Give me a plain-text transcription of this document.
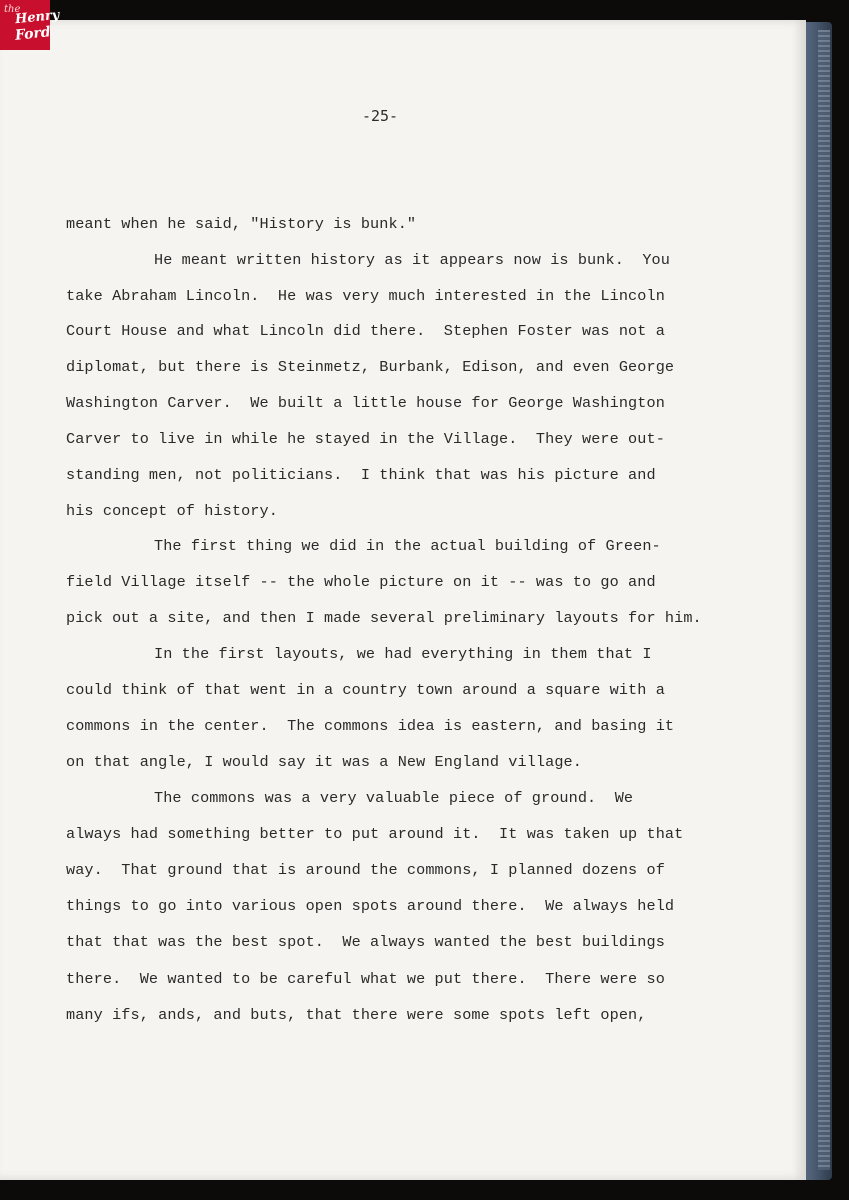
-25-
meant when he said, "History is bunk."
He meant written history as it appears now is bunk.  You
take Abraham Lincoln.  He was very much interested in the Lincoln
Court House and what Lincoln did there.  Stephen Foster was not a
diplomat, but there is Steinmetz, Burbank, Edison, and even George
Washington Carver.  We built a little house for George Washington
Carver to live in while he stayed in the Village.  They were out-
standing men, not politicians.  I think that was his picture and
his concept of history.
The first thing we did in the actual building of Green-
field Village itself -- the whole picture on it -- was to go and
pick out a site, and then I made several preliminary layouts for him.
In the first layouts, we had everything in them that I
could think of that went in a country town around a square with a
commons in the center.  The commons idea is eastern, and basing it
on that angle, I would say it was a New England village.
The commons was a very valuable piece of ground.  We
always had something better to put around it.  It was taken up that
way.  That ground that is around the commons, I planned dozens of
things to go into various open spots around there.  We always held
that that was the best spot.  We always wanted the best buildings
there.  We wanted to be careful what we put there.  There were so
many ifs, ands, and buts, that there were some spots left open,
the
Henry
Ford
